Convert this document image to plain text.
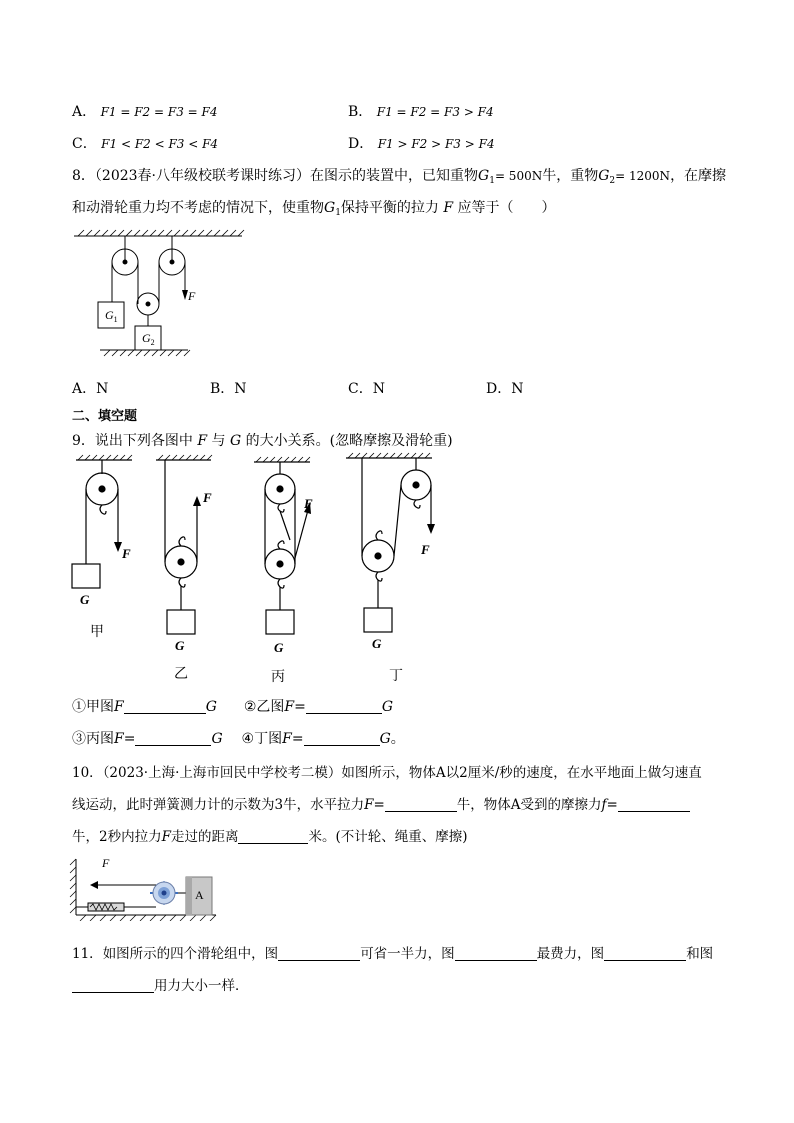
A． F1 = F2 = F3 = F4	B． F1 = F2 = F3 > F4
C． F1 < F2 < F3 < F4	D． F1 > F2 > F3 > F4
8．（2023春·八年级校联考课时练习）在图示的装置中，已知重物$G_1= 500N$牛，重物$G_2= 1200N$，在摩擦
和动滑轮重力均不考虑的情况下，使重物$G_1$保持平衡的拉力 F 应等于（　　）
$G_1$
$G_2$
F
A．N	B．N	C．N	D．N
二、填空题
9．说出下列各图中 F 与 G 的大小关系。(忽略摩擦及滑轮重)
F
G
F
G
F
G
F
G
甲
乙	丙	丁
①甲图F	G ②乙图F=	G
③丙图F=	G ④丁图F=	G。
10．（2023·上海·上海市回民中学校考二模）如图所示，物体A以2厘米/秒的速度，在水平地面上做匀速直
线运动，此时弹簧测力计的示数为3牛，水平拉力F=	牛，物体A受到的摩擦力f=
牛，2秒内拉力F走过的距离	米。(不计轮、绳重、摩擦)
A
F
11．如图所示的四个滑轮组中，图	可省一半力，图	最费力，图	和图
用力大小一样．
